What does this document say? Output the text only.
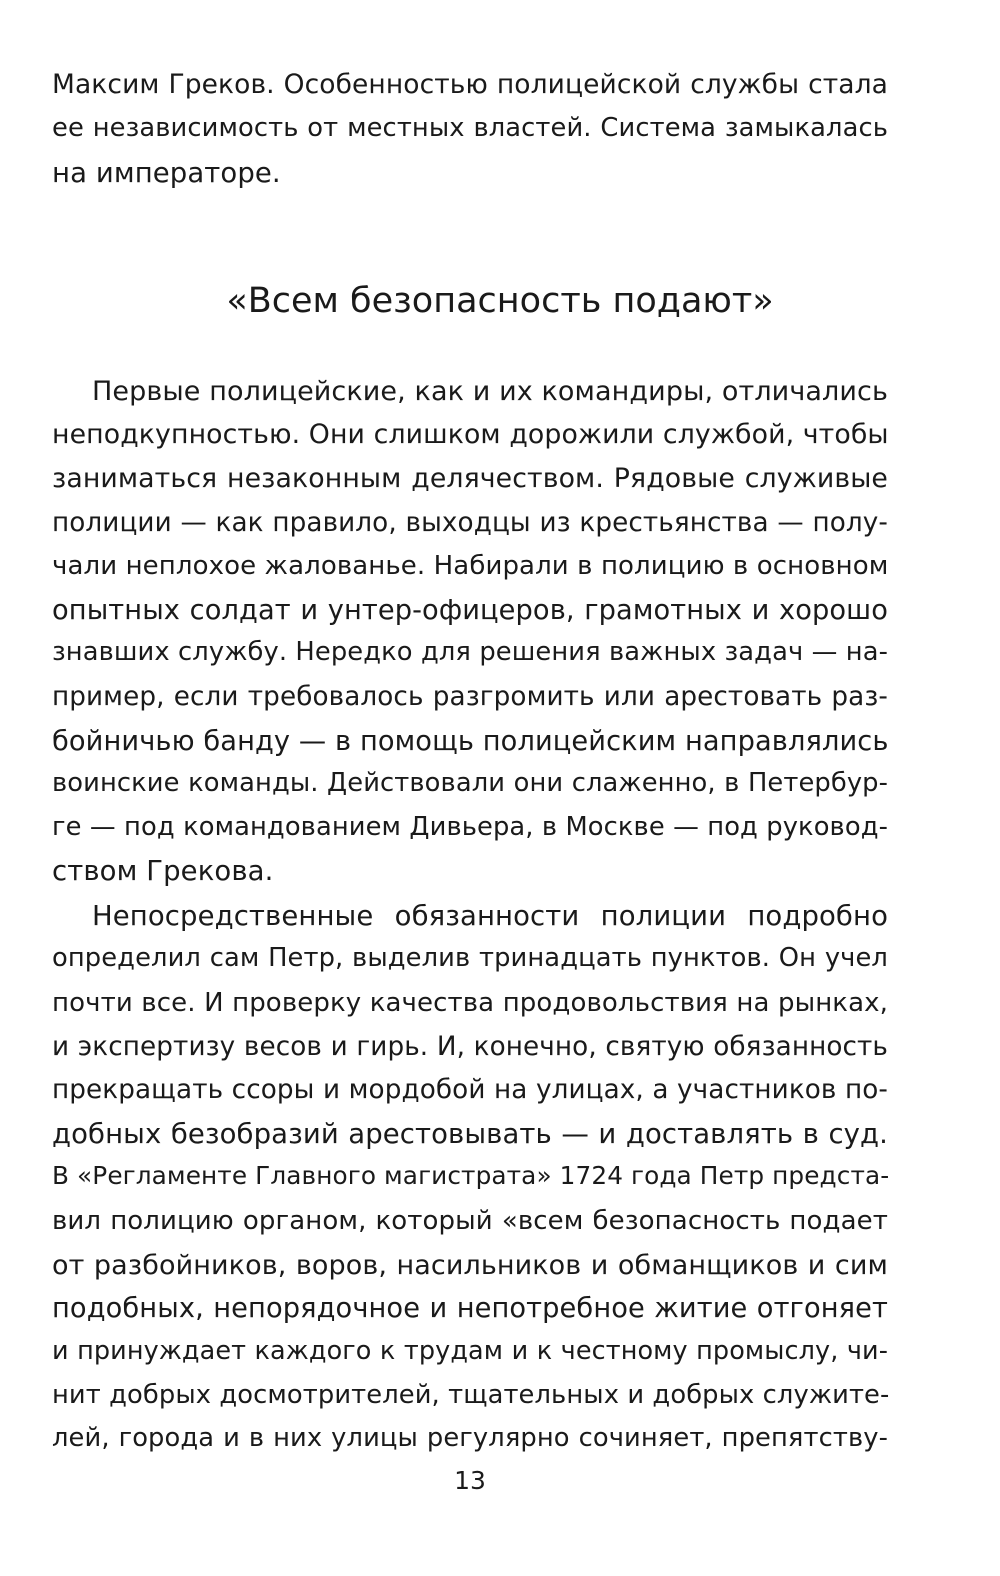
Максим Греков. Особенностью полицейской службы стала
ее независимость от местных властей. Система замыкалась
на императоре.
«Всем безопасность подают»
Первые полицейские, как и их командиры, отличались
неподкупностью. Они слишком дорожили службой, чтобы
заниматься незаконным делячеством. Рядовые служивые
полиции — как правило, выходцы из крестьянства — полу-
чали неплохое жалованье. Набирали в полицию в основном
опытных солдат и унтер-офицеров, грамотных и хорошо
знавших службу. Нередко для решения важных задач — на-
пример, если требовалось разгромить или арестовать раз-
бойничью банду — в помощь полицейским направлялись
воинские команды. Действовали они слаженно, в Петербур-
ге — под командованием Дивьера, в Москве — под руковод-
ством Грекова.
Непосредственные обязанности полиции подробно
определил сам Петр, выделив тринадцать пунктов. Он учел
почти все. И проверку качества продовольствия на рынках,
и экспертизу весов и гирь. И, конечно, святую обязанность
прекращать ссоры и мордобой на улицах, а участников по-
добных безобразий арестовывать — и доставлять в суд.
В «Регламенте Главного магистрата» 1724 года Петр предста-
вил полицию органом, который «всем безопасность подает
от разбойников, воров, насильников и обманщиков и сим
подобных, непорядочное и непотребное житие отгоняет
и принуждает каждого к трудам и к честному промыслу, чи-
нит добрых досмотрителей, тщательных и добрых служите-
лей, города и в них улицы регулярно сочиняет, препятству-
13
